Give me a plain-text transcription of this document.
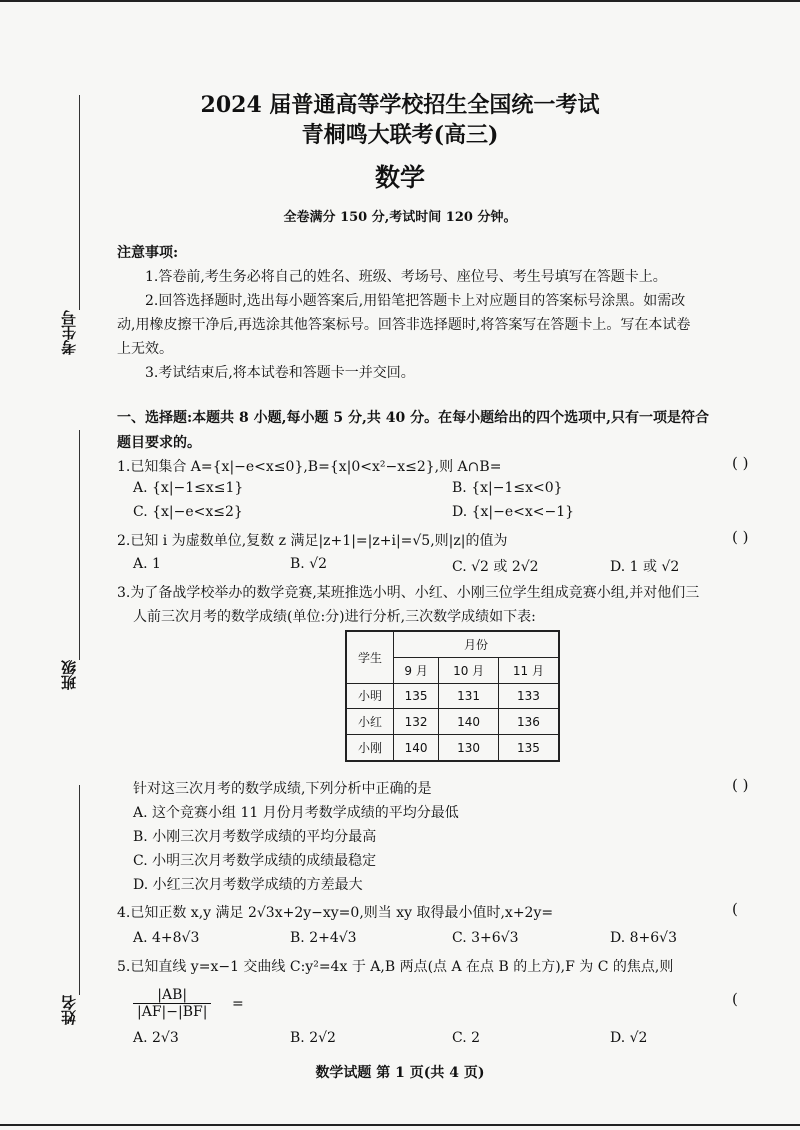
考生号
班级
姓名
2024 届普通高等学校招生全国统一考试
青桐鸣大联考(高三)
数学
全卷满分 150 分,考试时间 120 分钟。
注意事项:
1.答卷前,考生务必将自己的姓名、班级、考场号、座位号、考生号填写在答题卡上。
2.回答选择题时,选出每小题答案后,用铅笔把答题卡上对应题目的答案标号涂黑。如需改
动,用橡皮擦干净后,再选涂其他答案标号。回答非选择题时,将答案写在答题卡上。写在本试卷
上无效。
3.考试结束后,将本试卷和答题卡一并交回。
一、选择题:本题共 8 小题,每小题 5 分,共 40 分。在每小题给出的四个选项中,只有一项是符合
题目要求的。
1.已知集合 A={x|−e<x≤0},B={x|0<x²−x≤2},则 A∩B=	( )
A. {x|−1≤x≤1}	B. {x|−1≤x<0}
C. {x|−e<x≤2}	D. {x|−e<x<−1}
2.已知 i 为虚数单位,复数 z 满足|z+1|=|z+i|=√5,则|z|的值为	( )
A. 1	B. √2	C. √2 或 2√2	D. 1 或 √2
3.为了备战学校举办的数学竞赛,某班推选小明、小红、小刚三位学生组成竞赛小组,并对他们三
人前三次月考的数学成绩(单位:分)进行分析,三次数学成绩如下表:
学生	月份		
	9 月	10 月	11 月
小明	135	131	133
小红	132	140	136
小刚	140	130	135
针对这三次月考的数学成绩,下列分析中正确的是	( )
A. 这个竞赛小组 11 月份月考数学成绩的平均分最低
B. 小刚三次月考数学成绩的平均分最高
C. 小明三次月考数学成绩的成绩最稳定
D. 小红三次月考数学成绩的方差最大
4.已知正数 x,y 满足 2√3x+2y−xy=0,则当 xy 取得最小值时,x+2y=	(
A. 4+8√3	B. 2+4√3	C. 3+6√3	D. 8+6√3
5.已知直线 y=x−1 交曲线 C:y²=4x 于 A,B 两点(点 A 在点 B 的上方),F 为 C 的焦点,则
$\frac{|AB|}{|AF|-|BF|}$ =	(
A. 2√3	B. 2√2	C. 2	D. √2
数学试题 第 1 页(共 4 页)
